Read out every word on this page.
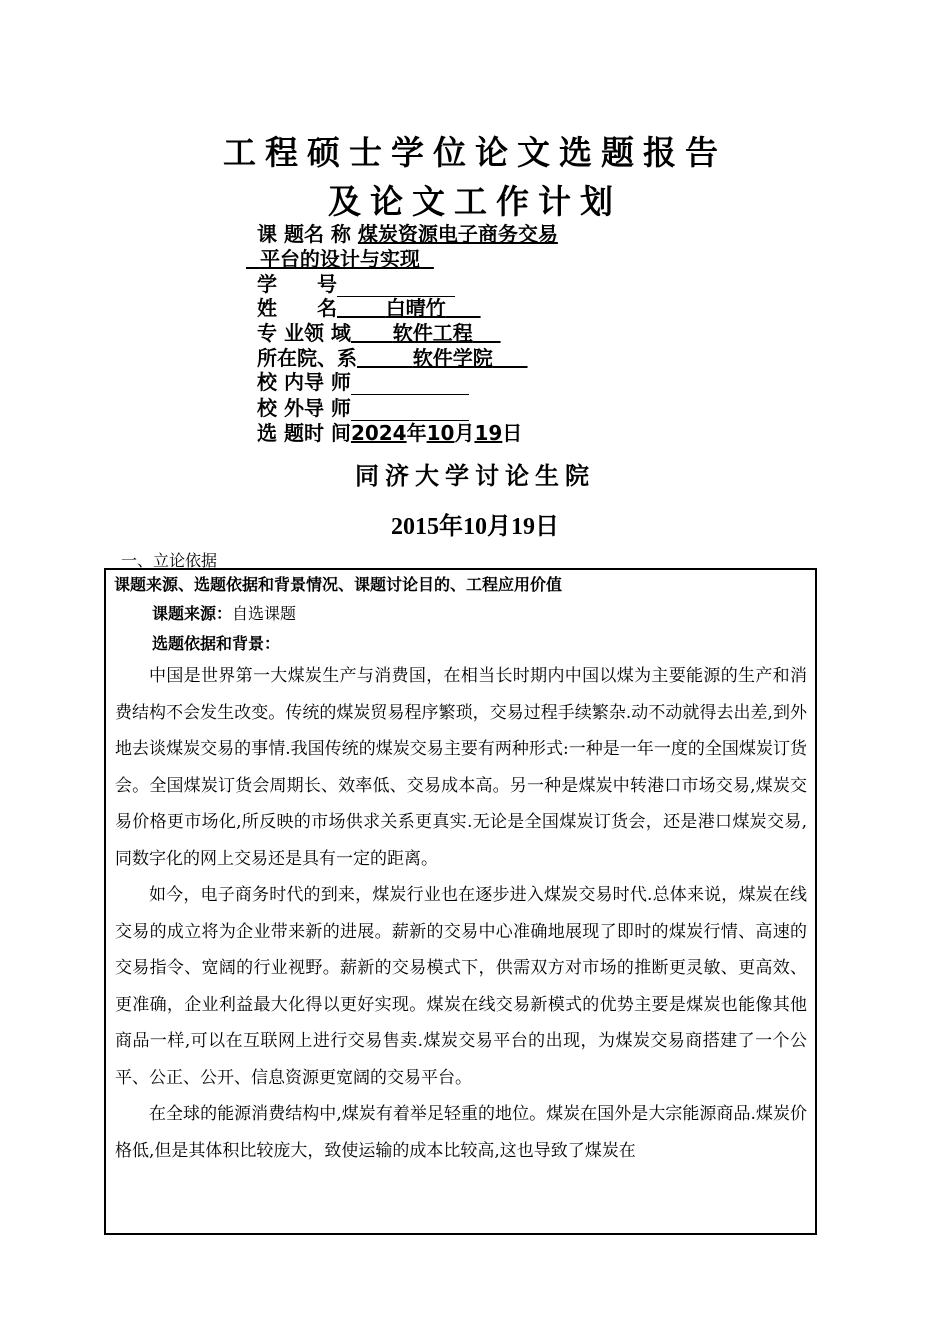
工程硕士学位论文选题报告
及论文工作计划
课 题名 称 煤炭资源电子商务交易
平台的设计与实现
学　　号
姓　　名 白晴竹
专 业领 域 软件工程
所在院、系	软件学院
校 内导 师
校 外导 师
选 题时 间2024年10月19日

同济大学讨论生院

2015年10月19日

一、立论依据

课题来源、选题依据和背景情况、课题讨论目的、工程应用价值
课题来源：自选课题
选题依据和背景：

中国是世界第一大煤炭生产与消费国，在相当长时期内中国以煤为主要能源的生产和消费结构不会发生改变。传统的煤炭贸易程序繁琐，交易过程手续繁杂.动不动就得去出差,到外地去谈煤炭交易的事情.我国传统的煤炭交易主要有两种形式:一种是一年一度的全国煤炭订货会。全国煤炭订货会周期长、效率低、交易成本高。另一种是煤炭中转港口市场交易,煤炭交易价格更市场化,所反映的市场供求关系更真实.无论是全国煤炭订货会，还是港口煤炭交易,同数字化的网上交易还是具有一定的距离。

如今，电子商务时代的到来，煤炭行业也在逐步进入煤炭交易时代.总体来说，煤炭在线交易的成立将为企业带来新的进展。薪新的交易中心准确地展现了即时的煤炭行情、高速的交易指令、宽阔的行业视野。薪新的交易模式下，供需双方对市场的推断更灵敏、更高效、更准确，企业利益最大化得以更好实现。煤炭在线交易新模式的优势主要是煤炭也能像其他商品一样,可以在互联网上进行交易售卖.煤炭交易平台的出现，为煤炭交易商搭建了一个公平、公正、公开、信息资源更宽阔的交易平台。

在全球的能源消费结构中,煤炭有着举足轻重的地位。煤炭在国外是大宗能源商品.煤炭价格低,但是其体积比较庞大，致使运输的成本比较高,这也导致了煤炭在
